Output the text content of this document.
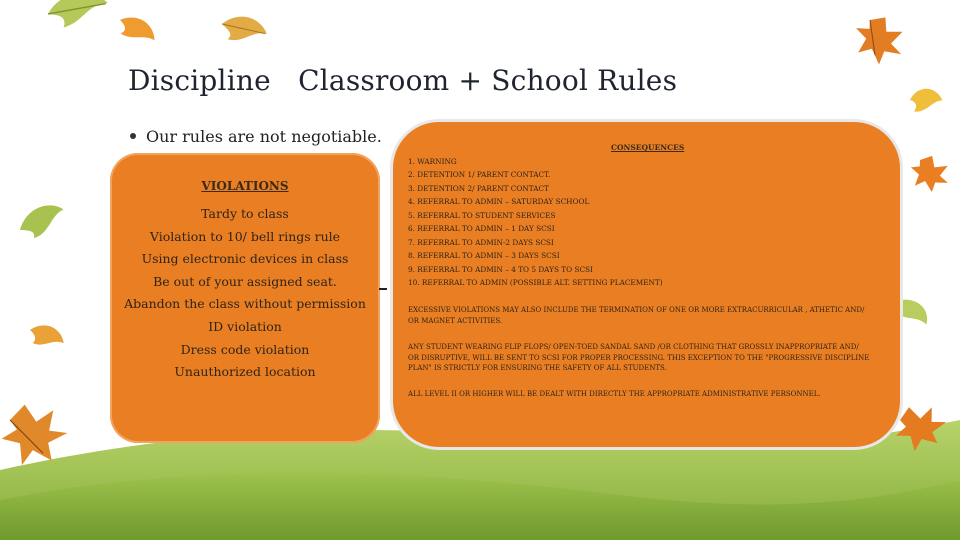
Discipline   Classroom + School Rules
Our rules are not negotiable.
VIOLATIONS
Tardy to class
Violation to 10/ bell rings rule
Using electronic devices in class
Be out of your assigned seat.
Abandon the class without permission
ID violation
Dress code violation
Unauthorized location
CONSEQUENCES
1. WARNING
2. DETENTION 1/ PARENT CONTACT.
3. DETENTION 2/ PARENT CONTACT
4. REFERRAL TO ADMIN – SATURDAY SCHOOL
5. REFERRAL TO STUDENT SERVICES
6. REFERRAL TO ADMIN – 1 DAY SCSI
7. REFERRAL TO ADMIN-2 DAYS SCSI
8. REFERRAL TO ADMIN – 3 DAYS SCSI
9. REFERRAL TO ADMIN – 4 TO 5 DAYS TO SCSI
10. REFERRAL TO ADMIN (POSSIBLE ALT. SETTING PLACEMENT)
EXCESSIVE VIOLATIONS MAY ALSO INCLUDE THE TERMINATION OF ONE OR MORE EXTRACURRICULAR , ATHETIC AND/ OR MAGNET ACTIVITIES.
ANY STUDENT WEARING FLIP FLOPS/ OPEN-TOED SANDAL SAND /OR CLOTHING THAT GROSSLY INAPPROPRIATE AND/ OR DISRUPTIVE, WILL BE SENT TO SCSI FOR PROPER PROCESSING. THIS EXCEPTION TO THE "PROGRESSIVE DISCIPLINE PLAN" IS STRICTLY FOR ENSURING THE SAFETY OF ALL STUDENTS.
ALL LEVEL II OR HIGHER WILL BE DEALT WITH DIRECTLY THE APPROPRIATE ADMINISTRATIVE PERSONNEL.
